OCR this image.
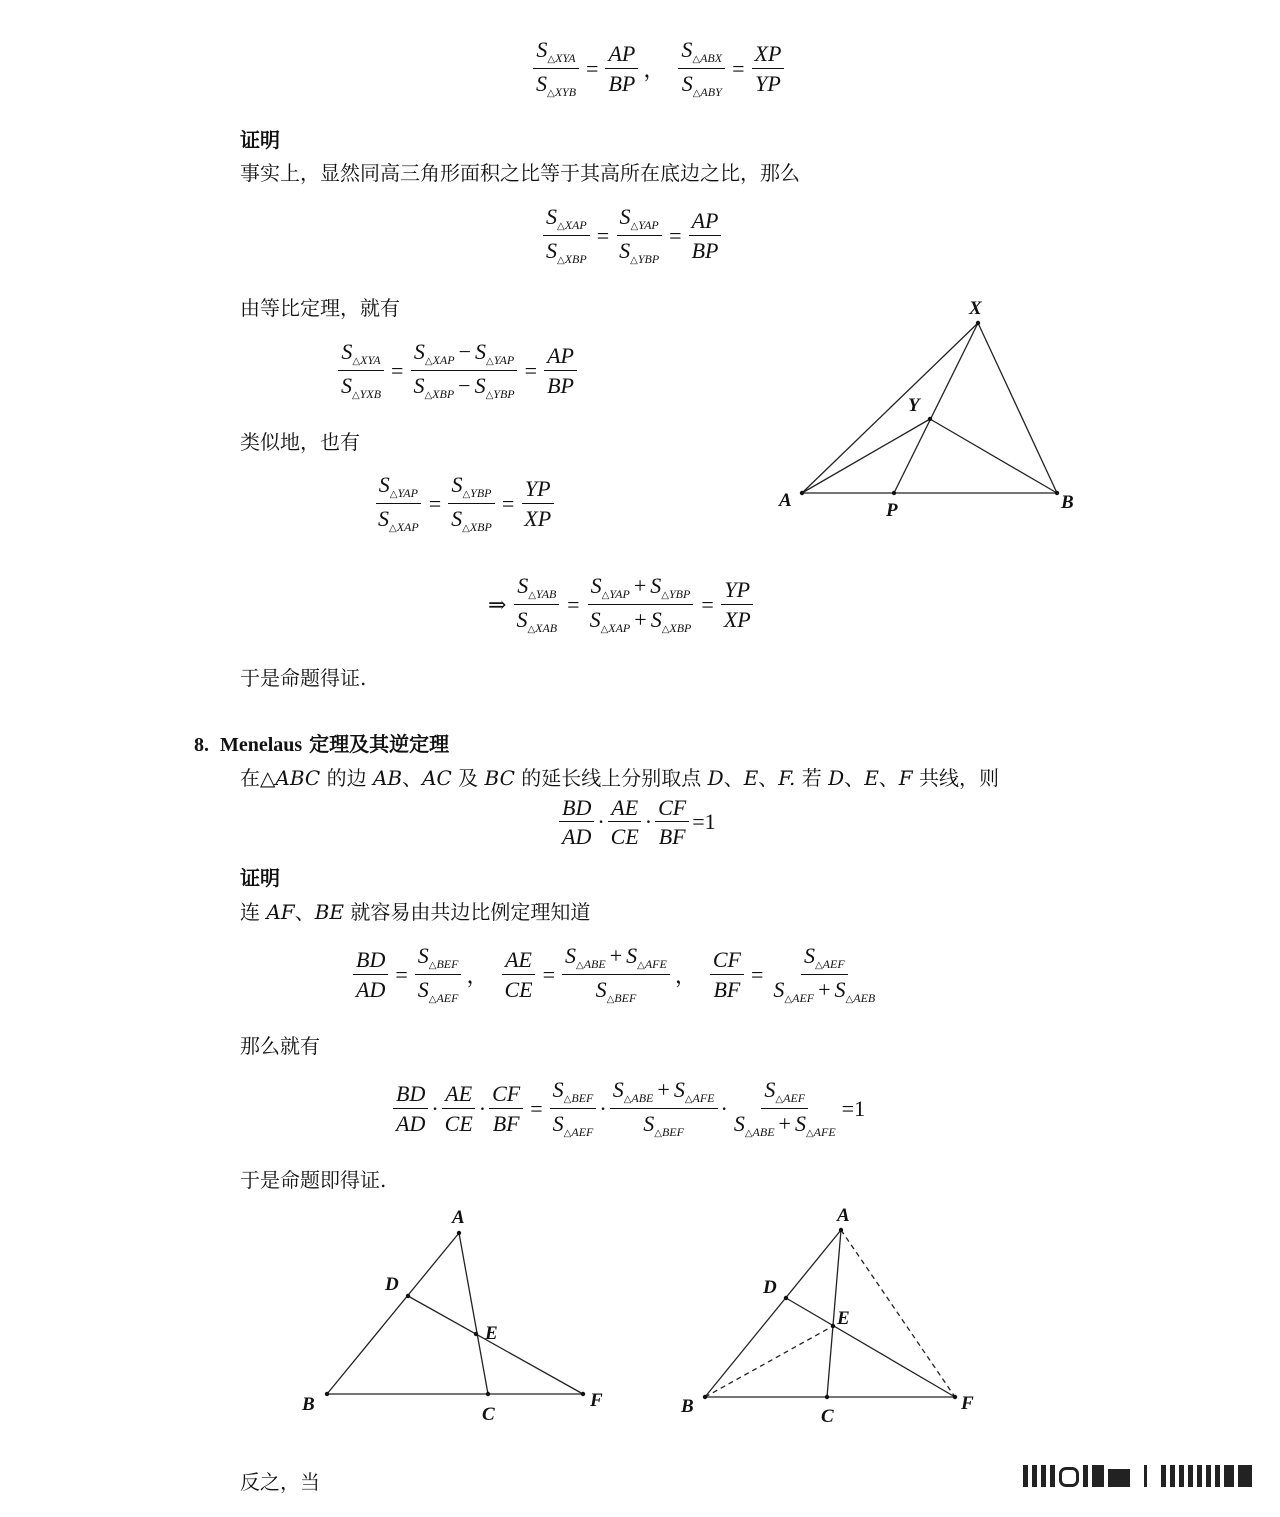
$\frac{S_{\triangle XYA}}{S_{\triangle XYB}} = \frac{AP}{BP}$ ， $\frac{S_{\triangle ABX}}{S_{\triangle ABY}} = \frac{XP}{YP}$
证明
事实上，显然同高三角形面积之比等于其高所在底边之比，那么
$\frac{S_{\triangle XAP}}{S_{\triangle XBP}} = \frac{S_{\triangle YAP}}{S_{\triangle YBP}} = \frac{AP}{BP}$
由等比定理，就有
$\frac{S_{\triangle XYA}}{S_{\triangle YXB}} = \frac{S_{\triangle XAP} - S_{\triangle YAP}}{S_{\triangle XBP} - S_{\triangle YBP}} = \frac{AP}{BP}$
类似地，也有
$\frac{S_{\triangle YAP}}{S_{\triangle XAP}} = \frac{S_{\triangle YBP}}{S_{\triangle XBP}} = \frac{YP}{XP}$
⇒ $\frac{S_{\triangle YAB}}{S_{\triangle XAB}} = \frac{S_{\triangle YAP} + S_{\triangle YBP}}{S_{\triangle XAP} + S_{\triangle XBP}} = \frac{YP}{XP}$
于是命题得证.
X
Y
A	P	B
8. Menelaus 定理及其逆定理
在△ABC 的边 AB、AC 及 BC 的延长线上分别取点 D、E、F. 若 D、E、F 共线，则
$\frac{BD}{AD} \cdot \frac{AE}{CE} \cdot \frac{CF}{BF} =1$
证明
连 AF、BE 就容易由共边比例定理知道
$\frac{BD}{AD} = \frac{S_{\triangle BEF}}{S_{\triangle AEF}}$ ， $\frac{AE}{CE} = \frac{S_{\triangle ABE} + S_{\triangle AFE}}{S_{\triangle BEF}}$ ， $\frac{CF}{BF} = \frac{S_{\triangle AEF}}{S_{\triangle AEF} + S_{\triangle AEB}}$
那么就有
$\frac{BD}{AD} \cdot \frac{AE}{CE} \cdot \frac{CF}{BF} = \frac{S_{\triangle BEF}}{S_{\triangle AEF}} \cdot \frac{S_{\triangle ABE} + S_{\triangle AFE}}{S_{\triangle BEF}} \cdot \frac{S_{\triangle AEF}}{S_{\triangle ABE} + S_{\triangle AFE}} =1$
于是命题即得证.
A
D
E
B	C
F
A
D
E
B	C
F
反之，当
